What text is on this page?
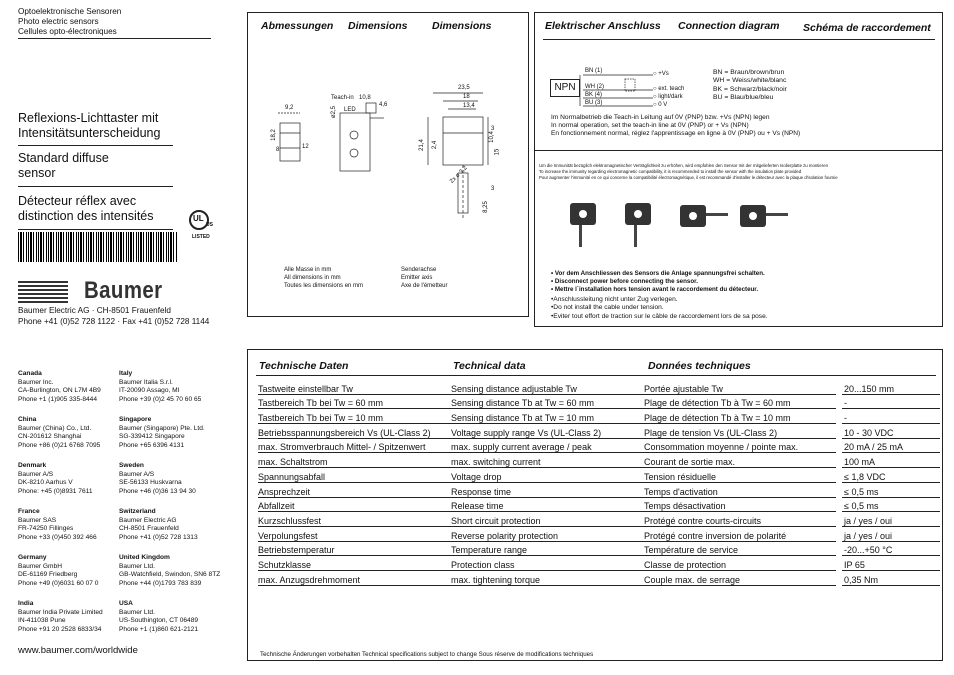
Optoelektronische Sensoren
Photo electric sensors
Cellules opto-électroniques
Reflexions-Lichttaster mit
Intensitätsunterscheidung
Standard diffuse
sensor
Détecteur réflex avec
distinction des intensités	UL
US
LISTED
Baumer
Baumer Electric AG · CH-8501 Frauenfeld
Phone +41 (0)52 728 1122 · Fax +41 (0)52 728 1144
Canada
Baumer Inc.
CA-Burlington, ON L7M 4B9
Phone +1 (1)905 335-8444
Italy
Baumer Italia S.r.l.
IT-20090 Assago, MI
Phone +39 (0)2 45 70 60 65
China
Baumer (China) Co., Ltd.
CN-201612 Shanghai
Phone +86 (0)21 6768 7095
Singapore
Baumer (Singapore) Pte. Ltd.
SG-339412 Singapore
Phone +65 6396 4131
Denmark
Baumer A/S
DK-8210 Aarhus V
Phone: +45 (0)8931 7611
Sweden
Baumer A/S
SE-56133 Huskvarna
Phone +46 (0)36 13 94 30
France
Baumer SAS
FR-74250 Fillinges
Phone +33 (0)450 392 466
Switzerland
Baumer Electric AG
CH-8501 Frauenfeld
Phone +41 (0)52 728 1313
Germany
Baumer GmbH
DE-61169 Friedberg
Phone +49 (0)6031 60 07 0
United Kingdom
Baumer Ltd.
GB-Watchfield, Swindon, SN6 8TZ
Phone +44 (0)1793 783 839
India
Baumer India Private Limited
IN-411038 Pune
Phone +91 20 2528 6833/34
USA
Baumer Ltd.
US-Southington, CT 06489
Phone +1 (1)860 621-2121
www.baumer.com/worldwide
Abmessungen Dimensions Dimensions
Teach-in
LED
10,8
4,6
9,2
18,2
8	12
ø2,5
23,5
18
13,4
21,4 2,4
10,4
3
15
2x ø 3,2
8,25
3
Alle Masse in mm
All dimensions in mm
Toutes les dimensions en mm
Senderachse
Emitter axis
Axe de l'émetteur
Elektrischer Anschluss Connection diagram Schéma de raccordement
NPN
BN (1)
WH (2)
BK (4)
BU (3)
○ +Vs
○ ext. teach
○ light/dark
○ 0 V
BN = Braun/brown/brun
WH = Weiss/white/blanc
BK = Schwarz/black/noir
BU = Blau/blue/bleu
Im Normalbetrieb die Teach-in Leitung auf 0V (PNP) bzw. +Vs (NPN) legen
In normal operation, set the teach-in line at 0V (PNP) or + Vs (NPN)
En fonctionnement normal, réglez l'apprentissage en ligne à 0V (PNP) ou + Vs (NPN)
Um die Immunität bezüglich elektromagnetischer Verträglichkeit zu erhöhen, wird empfohlen den Sensor mit der mitgelieferten Isolierplatte zu montieren
To increase the immunity regarding electromagnetic compatibility, it is recommended to install the sensor with the insulation plate provided
Pour augmenter l'immunité en ce qui concerne la compatibilité électromagnétique, il est recommandé d'installer le détecteur avec la plaque d'isolation fournie
• Vor dem Anschliessen des Sensors die Anlage spannungsfrei schalten.
• Disconnect power before connecting the sensor.
• Mettre l´installation hors tension avant le raccordement du détecteur.
•Anschlussleitung nicht unter Zug verlegen.
•Do not install the cable under tension.
•Eviter tout effort de traction sur le câble de raccordement lors de sa pose.
Technische Daten	Technical data	Données techniques
Technische Änderungen vorbehalten Technical specifications subject to change Sous réserve de modifications techniques
Tastweite einstellbar Tw	Sensing distance adjustable Tw	Portée ajustable Tw		20...150 mm
Tastbereich Tb bei Tw = 60 mm	Sensing distance Tb at Tw = 60 mm	Plage de détection Tb à Tw = 60 mm		-
Tastbereich Tb bei Tw = 10 mm	Sensing distance Tb at Tw = 10 mm	Plage de détection Tb à Tw = 10 mm		-
Betriebsspannungsbereich Vs (UL-Class 2)	Voltage supply range Vs (UL-Class 2)	Plage de tension Vs (UL-Class 2)		10 - 30 VDC
max. Stromverbrauch Mittel- / Spitzenwert	max. supply current average / peak	Consommation moyenne / pointe max.		20 mA / 25 mA
max. Schaltstrom	max. switching current	Courant de sortie max.		100 mA
Spannungsabfall	Voltage drop	Tension résiduelle		≤ 1,8 VDC
Ansprechzeit	Response time	Temps d'activation		≤ 0,5 ms
Abfallzeit	Release time	Temps désactivation		≤ 0,5 ms
Kurzschlussfest	Short circuit protection	Protégé contre courts-circuits		ja / yes / oui
Verpolungsfest	Reverse polarity protection	Protégé contre inversion de polarité		ja / yes / oui
Betriebstemperatur	Temperature range	Température de service		-20...+50 °C
Schutzklasse	Protection class	Classe de protection		IP 65
max. Anzugsdrehmoment	max. tightening torque	Couple max. de serrage		0,35 Nm
